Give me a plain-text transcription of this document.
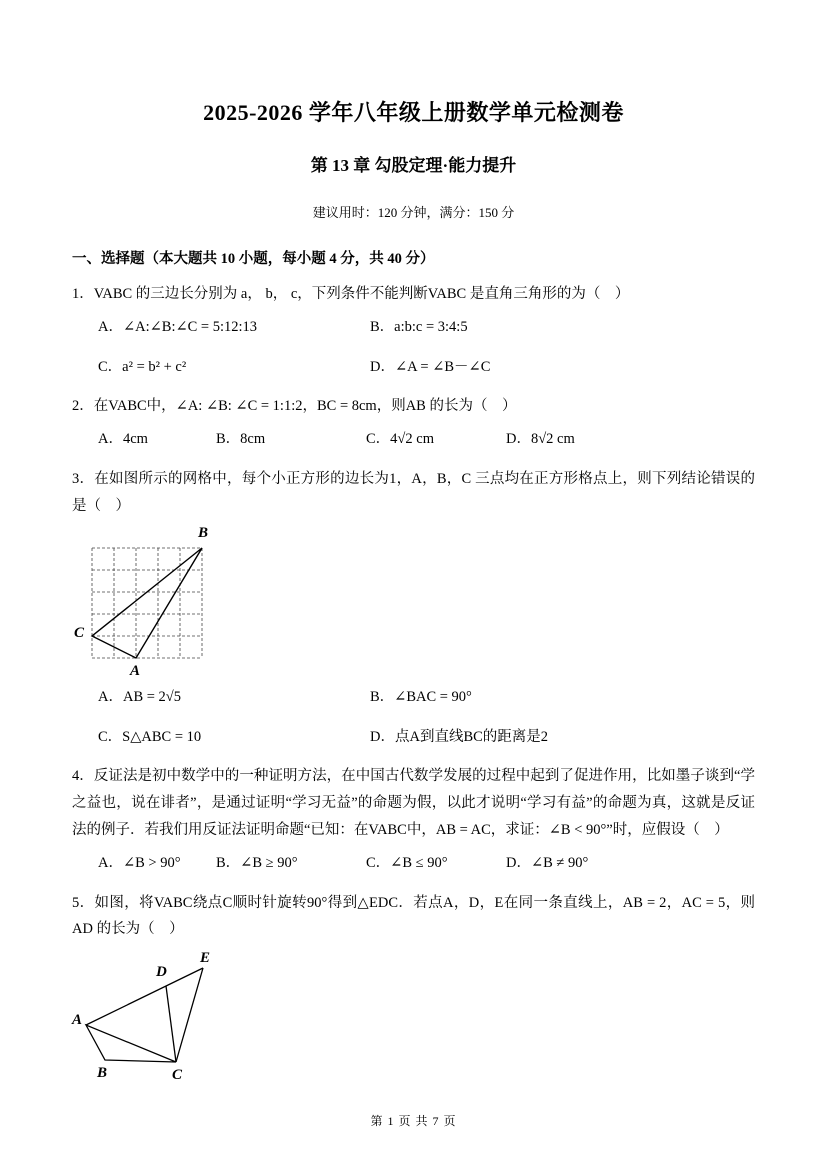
2025-2026 学年八年级上册数学单元检测卷
第 13 章 勾股定理·能力提升
建议用时：120 分钟，满分：150 分
一、选择题（本大题共 10 小题，每小题 4 分，共 40 分）

1．VABC 的三边长分别为 a， b， c，下列条件不能判断VABC 是直角三角形的为（　）

A．∠A:∠B:∠C = 5:12:13	B．a:b:c = 3:4:5
C．a² = b² + c²	D．∠A = ∠B－∠C

2．在VABC中，∠A: ∠B: ∠C = 1:1:2，BC = 8cm，则AB 的长为（　）

A．4cm	B．8cm	C．4√2 cm	D．8√2 cm

3．在如图所示的网格中，每个小正方形的边长为1，A，B，C 三点均在正方形格点上，则下列结论错误的是（　）

B
C
A
A．AB = 2√5	B．∠BAC = 90°
C．S△ABC = 10	D．点A到直线BC的距离是2

4．反证法是初中数学中的一种证明方法，在中国古代数学发展的过程中起到了促进作用，比如墨子谈到“学之益也，说在诽者”，是通过证明“学习无益”的命题为假，以此才说明“学习有益”的命题为真，这就是反证法的例子．若我们用反证法证明命题“已知：在VABC中，AB = AC，求证：∠B < 90°”时，应假设（　）

A．∠B > 90°	B．∠B ≥ 90°	C．∠B ≤ 90°	D．∠B ≠ 90°

5．如图，将VABC绕点C顺时针旋转90°得到△EDC．若点A，D，E在同一条直线上，AB = 2，AC = 5，则AD 的长为（　）

A
B	C
D
E
第 1 页 共 7 页
